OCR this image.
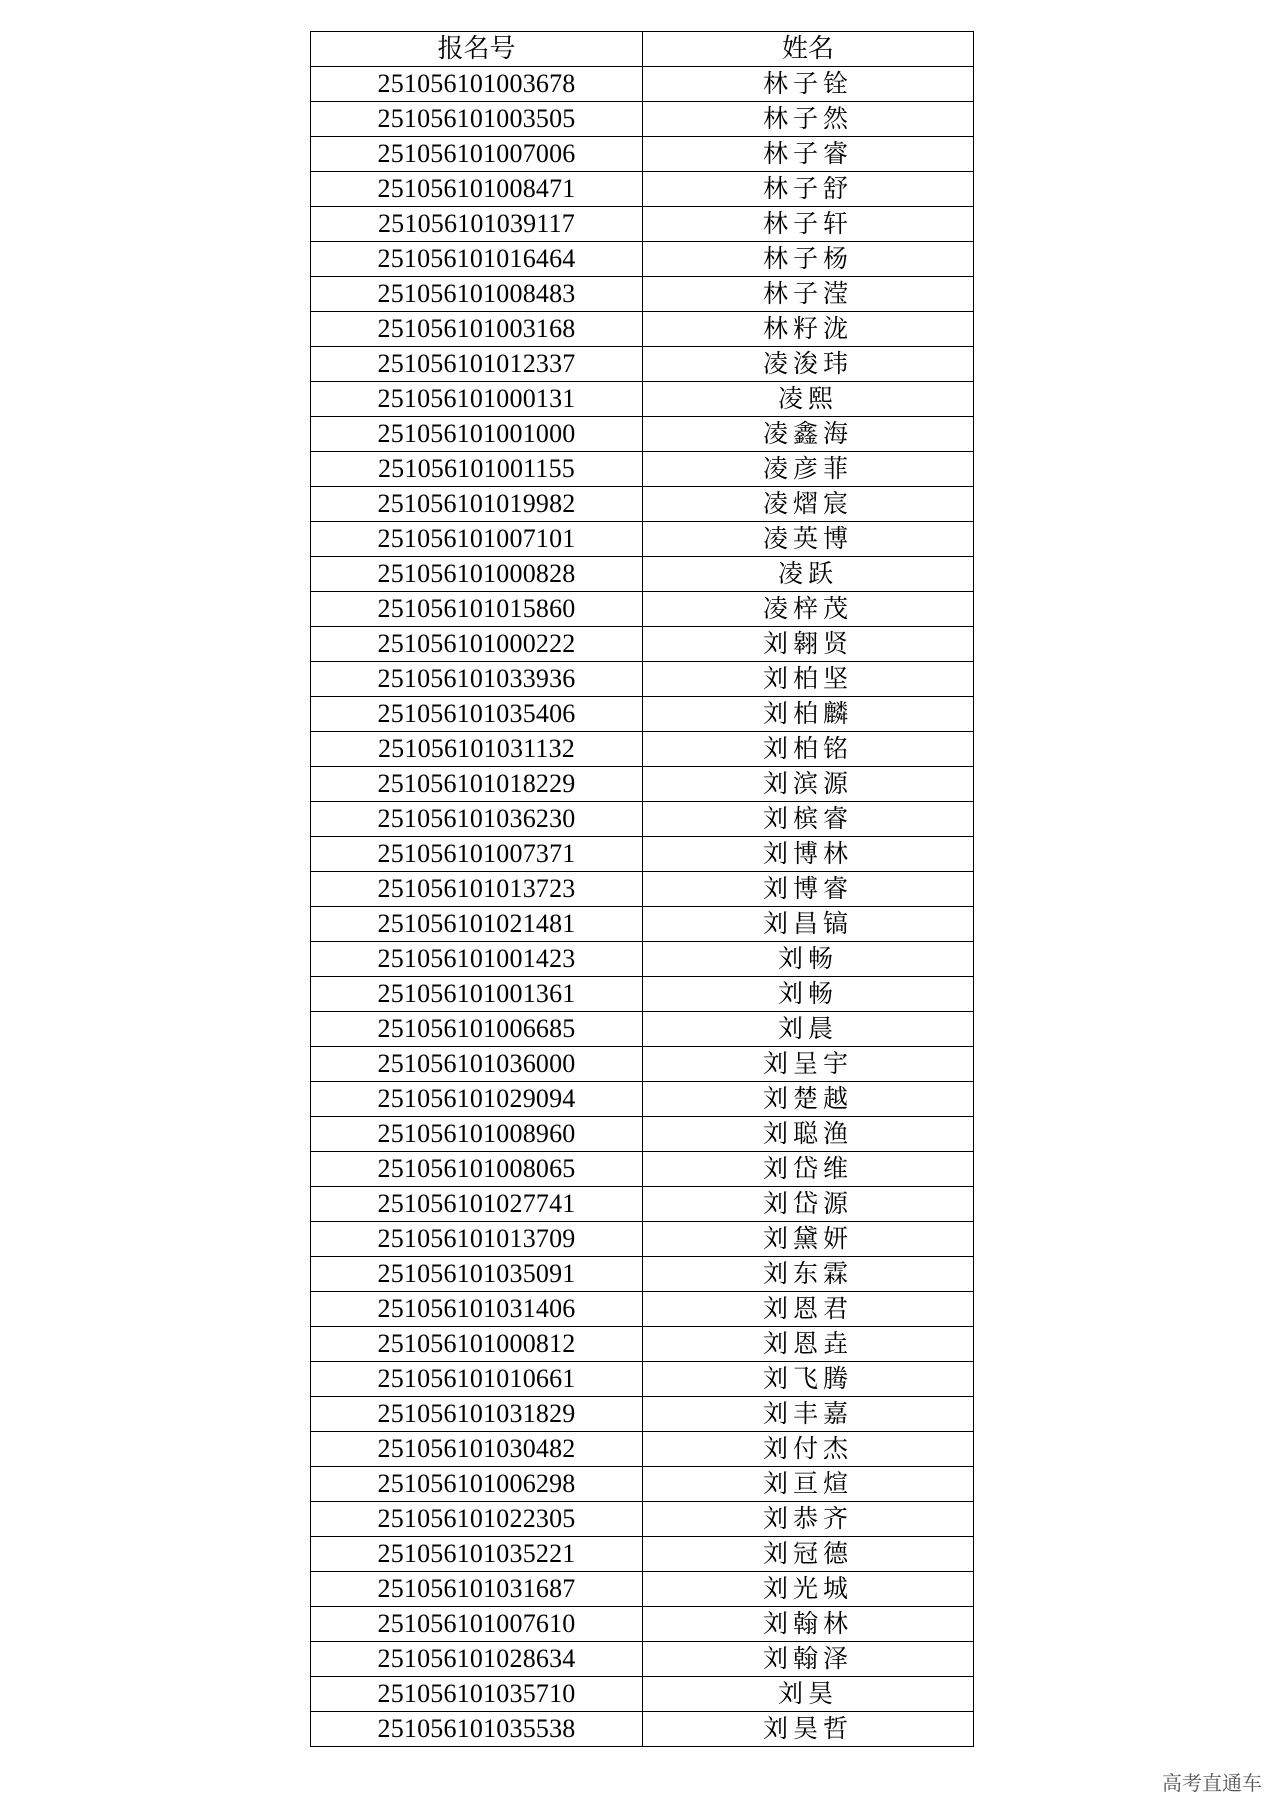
报名号	姓名
251056101003678	林子铨
251056101003505	林子然
251056101007006	林子睿
251056101008471	林子舒
251056101039117	林子轩
251056101016464	林子杨
251056101008483	林子滢
251056101003168	林籽泷
251056101012337	凌浚玮
251056101000131	凌熙
251056101001000	凌鑫海
251056101001155	凌彦菲
251056101019982	凌熠宸
251056101007101	凌英博
251056101000828	凌跃
251056101015860	凌梓茂
251056101000222	刘翱贤
251056101033936	刘柏坚
251056101035406	刘柏麟
251056101031132	刘柏铭
251056101018229	刘滨源
251056101036230	刘槟睿
251056101007371	刘博林
251056101013723	刘博睿
251056101021481	刘昌镐
251056101001423	刘畅
251056101001361	刘畅
251056101006685	刘晨
251056101036000	刘呈宇
251056101029094	刘楚越
251056101008960	刘聪渔
251056101008065	刘岱维
251056101027741	刘岱源
251056101013709	刘黛妍
251056101035091	刘东霖
251056101031406	刘恩君
251056101000812	刘恩垚
251056101010661	刘飞腾
251056101031829	刘丰嘉
251056101030482	刘付杰
251056101006298	刘亘煊
251056101022305	刘恭齐
251056101035221	刘冠德
251056101031687	刘光城
251056101007610	刘翰林
251056101028634	刘翰泽
251056101035710	刘昊
251056101035538	刘昊哲
高考直通车
